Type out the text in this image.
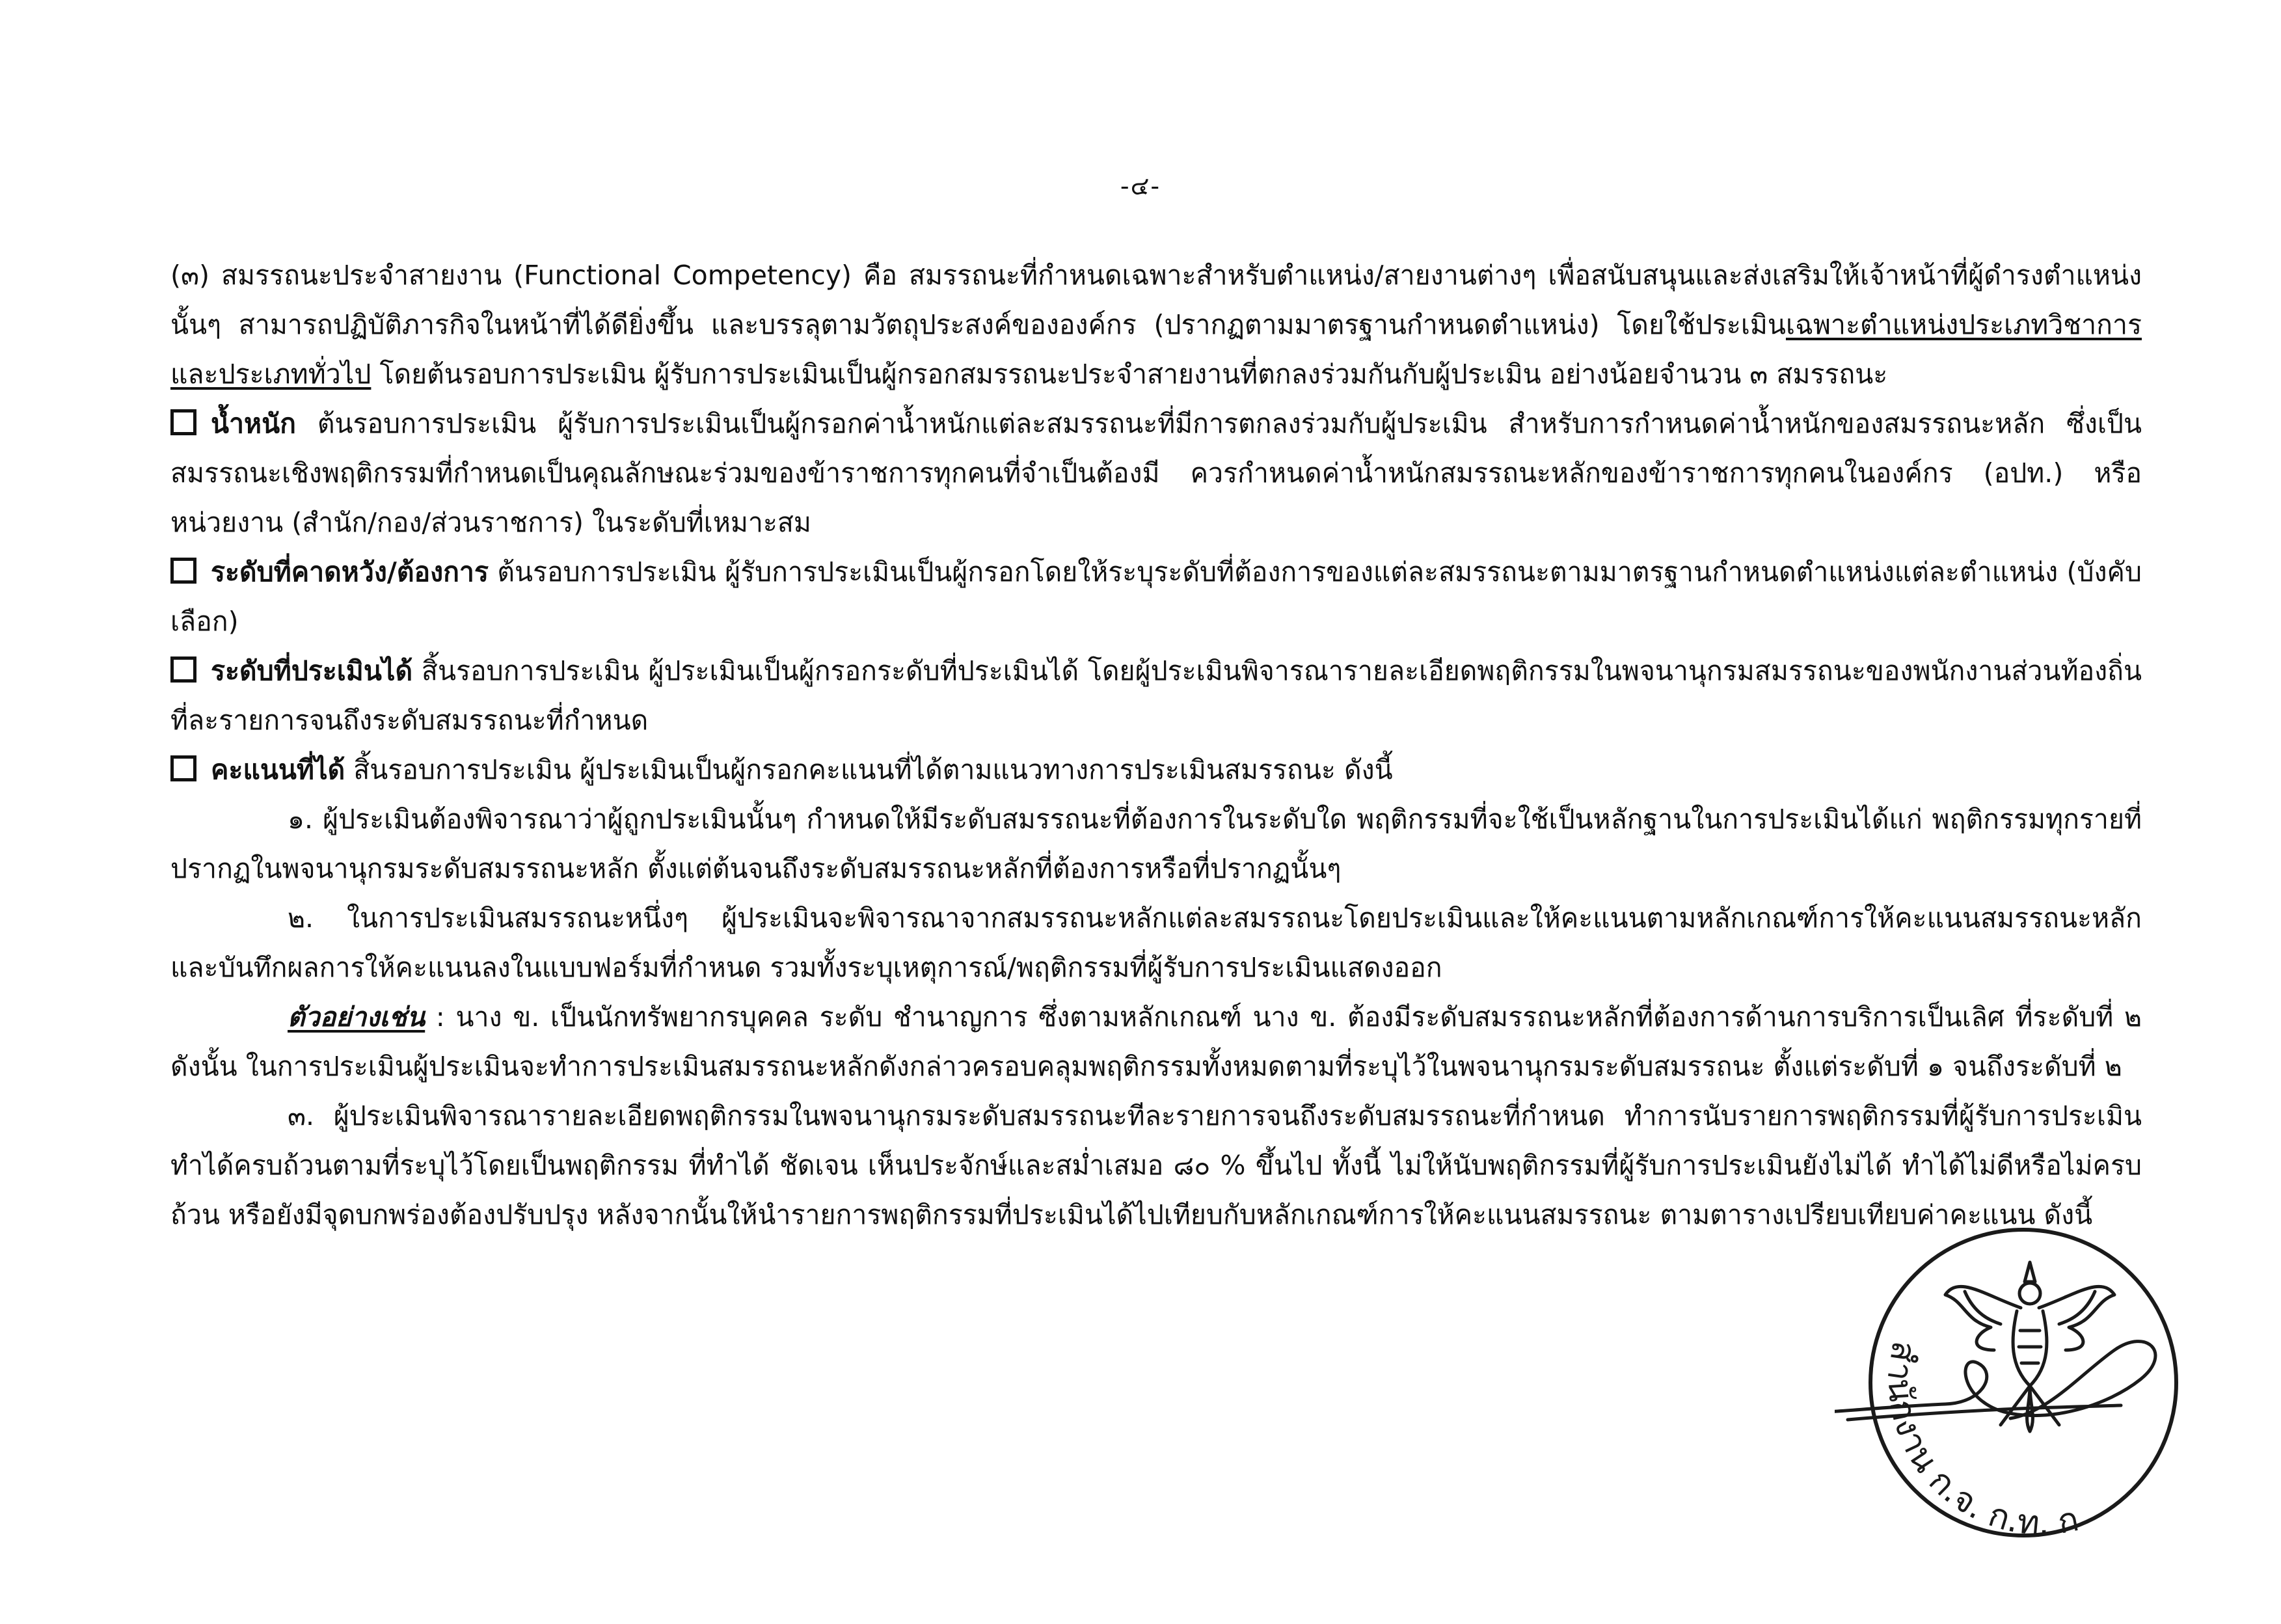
-๔-

(๓) สมรรถนะประจำสายงาน (Functional Competency) คือ สมรรถนะที่กำหนดเฉพาะสำหรับตำแหน่ง/สายงานต่างๆ เพื่อสนับสนุนและส่งเสริมให้เจ้าหน้าที่ผู้ดำรงตำแหน่งนั้นๆ สามารถปฏิบัติภารกิจในหน้าที่ได้ดียิ่งขึ้น และบรรลุตามวัตถุประสงค์ขององค์กร (ปรากฏตามมาตรฐานกำหนดตำแหน่ง) โดยใช้ประเมินเฉพาะตำแหน่งประเภทวิชาการ และประเภททั่วไป โดยต้นรอบการประเมิน ผู้รับการประเมินเป็นผู้กรอกสมรรถนะประจำสายงานที่ตกลงร่วมกันกับผู้ประเมิน อย่างน้อยจำนวน ๓ สมรรถนะ

น้ำหนัก ต้นรอบการประเมิน ผู้รับการประเมินเป็นผู้กรอกค่าน้ำหนักแต่ละสมรรถนะที่มีการตกลงร่วมกับผู้ประเมิน สำหรับการกำหนดค่าน้ำหนักของสมรรถนะหลัก ซึ่งเป็นสมรรถนะเชิงพฤติกรรมที่กำหนดเป็นคุณลักษณะร่วมของข้าราชการทุกคนที่จำเป็นต้องมี ควรกำหนดค่าน้ำหนักสมรรถนะหลักของข้าราชการทุกคนในองค์กร (อปท.) หรือหน่วยงาน (สำนัก/กอง/ส่วนราชการ) ในระดับที่เหมาะสม

ระดับที่คาดหวัง/ต้องการ ต้นรอบการประเมิน ผู้รับการประเมินเป็นผู้กรอกโดยให้ระบุระดับที่ต้องการของแต่ละสมรรถนะตามมาตรฐานกำหนดตำแหน่งแต่ละตำแหน่ง (บังคับเลือก)

ระดับที่ประเมินได้ สิ้นรอบการประเมิน ผู้ประเมินเป็นผู้กรอกระดับที่ประเมินได้ โดยผู้ประเมินพิจารณารายละเอียดพฤติกรรมในพจนานุกรมสมรรถนะของพนักงานส่วนท้องถิ่นที่ละรายการจนถึงระดับสมรรถนะที่กำหนด

คะแนนที่ได้ สิ้นรอบการประเมิน ผู้ประเมินเป็นผู้กรอกคะแนนที่ได้ตามแนวทางการประเมินสมรรถนะ ดังนี้

๑. ผู้ประเมินต้องพิจารณาว่าผู้ถูกประเมินนั้นๆ กำหนดให้มีระดับสมรรถนะที่ต้องการในระดับใด พฤติกรรมที่จะใช้เป็นหลักฐานในการประเมินได้แก่ พฤติกรรมทุกรายที่ปรากฏในพจนานุกรมระดับสมรรถนะหลัก ตั้งแต่ต้นจนถึงระดับสมรรถนะหลักที่ต้องการหรือที่ปรากฏนั้นๆ

๒. ในการประเมินสมรรถนะหนึ่งๆ ผู้ประเมินจะพิจารณาจากสมรรถนะหลักแต่ละสมรรถนะโดยประเมินและให้คะแนนตามหลักเกณฑ์การให้คะแนนสมรรถนะหลัก และบันทึกผลการให้คะแนนลงในแบบฟอร์มที่กำหนด รวมทั้งระบุเหตุการณ์/พฤติกรรมที่ผู้รับการประเมินแสดงออก

ตัวอย่างเช่น : นาง ข. เป็นนักทรัพยากรบุคคล ระดับ ชำนาญการ ซึ่งตามหลักเกณฑ์ นาง ข. ต้องมีระดับสมรรถนะหลักที่ต้องการด้านการบริการเป็นเลิศ ที่ระดับที่ ๒ ดังนั้น ในการประเมินผู้ประเมินจะทำการประเมินสมรรถนะหลักดังกล่าวครอบคลุมพฤติกรรมทั้งหมดตามที่ระบุไว้ในพจนานุกรมระดับสมรรถนะ ตั้งแต่ระดับที่ ๑ จนถึงระดับที่ ๒

๓. ผู้ประเมินพิจารณารายละเอียดพฤติกรรมในพจนานุกรมระดับสมรรถนะทีละรายการจนถึงระดับสมรรถนะที่กำหนด ทำการนับรายการพฤติกรรมที่ผู้รับการประเมินทำได้ครบถ้วนตามที่ระบุไว้โดยเป็นพฤติกรรม ที่ทำได้ ชัดเจน เห็นประจักษ์และสม่ำเสมอ ๘๐ % ขึ้นไป ทั้งนี้ ไม่ให้นับพฤติกรรมที่ผู้รับการประเมินยังไม่ได้ ทำได้ไม่ดีหรือไม่ครบถ้วน หรือยังมีจุดบกพร่องต้องปรับปรุง หลังจากนั้นให้นำรายการพฤติกรรมที่ประเมินได้ไปเทียบกับหลักเกณฑ์การให้คะแนนสมรรถนะ ตามตารางเปรียบเทียบค่าคะแนน ดังนี้

สำนักงาน ก.จ. ก.ท. ก
